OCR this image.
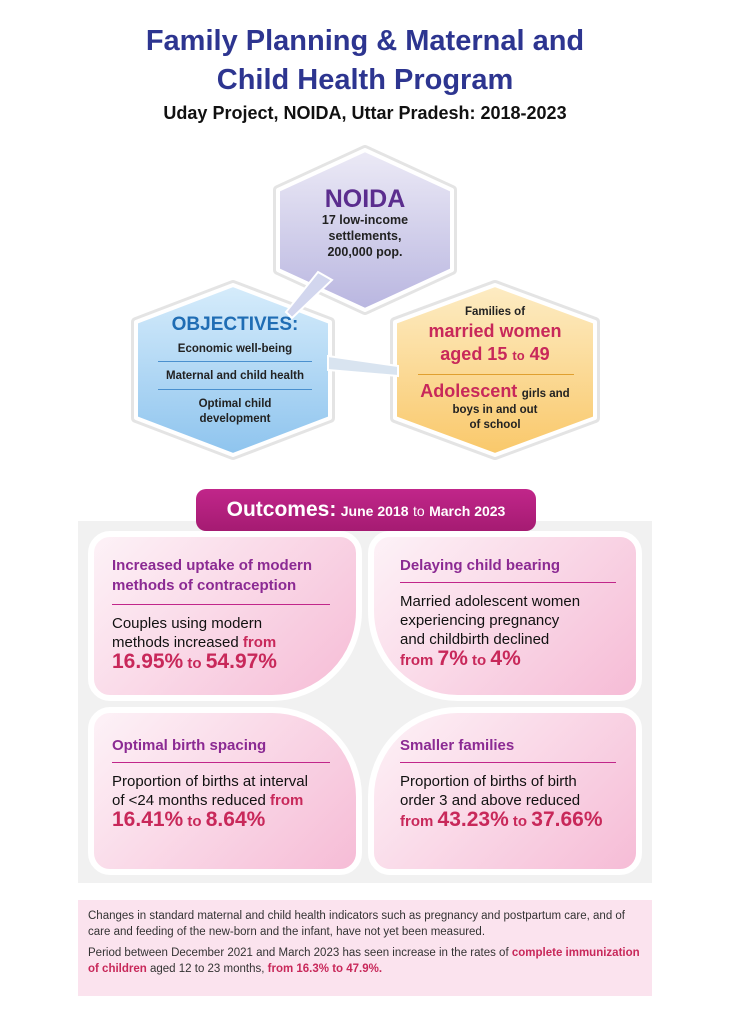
Family Planning & Maternal and
Child Health Program
Uday Project, NOIDA, Uttar Pradesh: 2018-2023
NOIDA
17 low-income
settlements,
200,000 pop.
OBJECTIVES:
Economic well-being
Maternal and child health
Optimal child
development
Families of
married women
aged 15 to 49
Adolescent girls and
boys in and out
of school
Outcomes: June 2018 to March 2023
Increased uptake of modern
methods of contraception
Couples using modern
methods increased from
16.95% to 54.97%
Delaying child bearing
Married adolescent women
experiencing pregnancy
and childbirth declined
from 7% to 4%
Optimal birth spacing
Proportion of births at interval
of <24 months reduced from
16.41% to 8.64%
Smaller families
Proportion of births of birth
order 3 and above reduced
from 43.23% to 37.66%

Changes in standard maternal and child health indicators such as pregnancy and postpartum care, and of care and feeding of the new-born and the infant, have not yet been measured.

Period between December 2021 and March 2023 has seen increase in the rates of complete immunization of children aged 12 to 23 months, from 16.3% to 47.9%.
